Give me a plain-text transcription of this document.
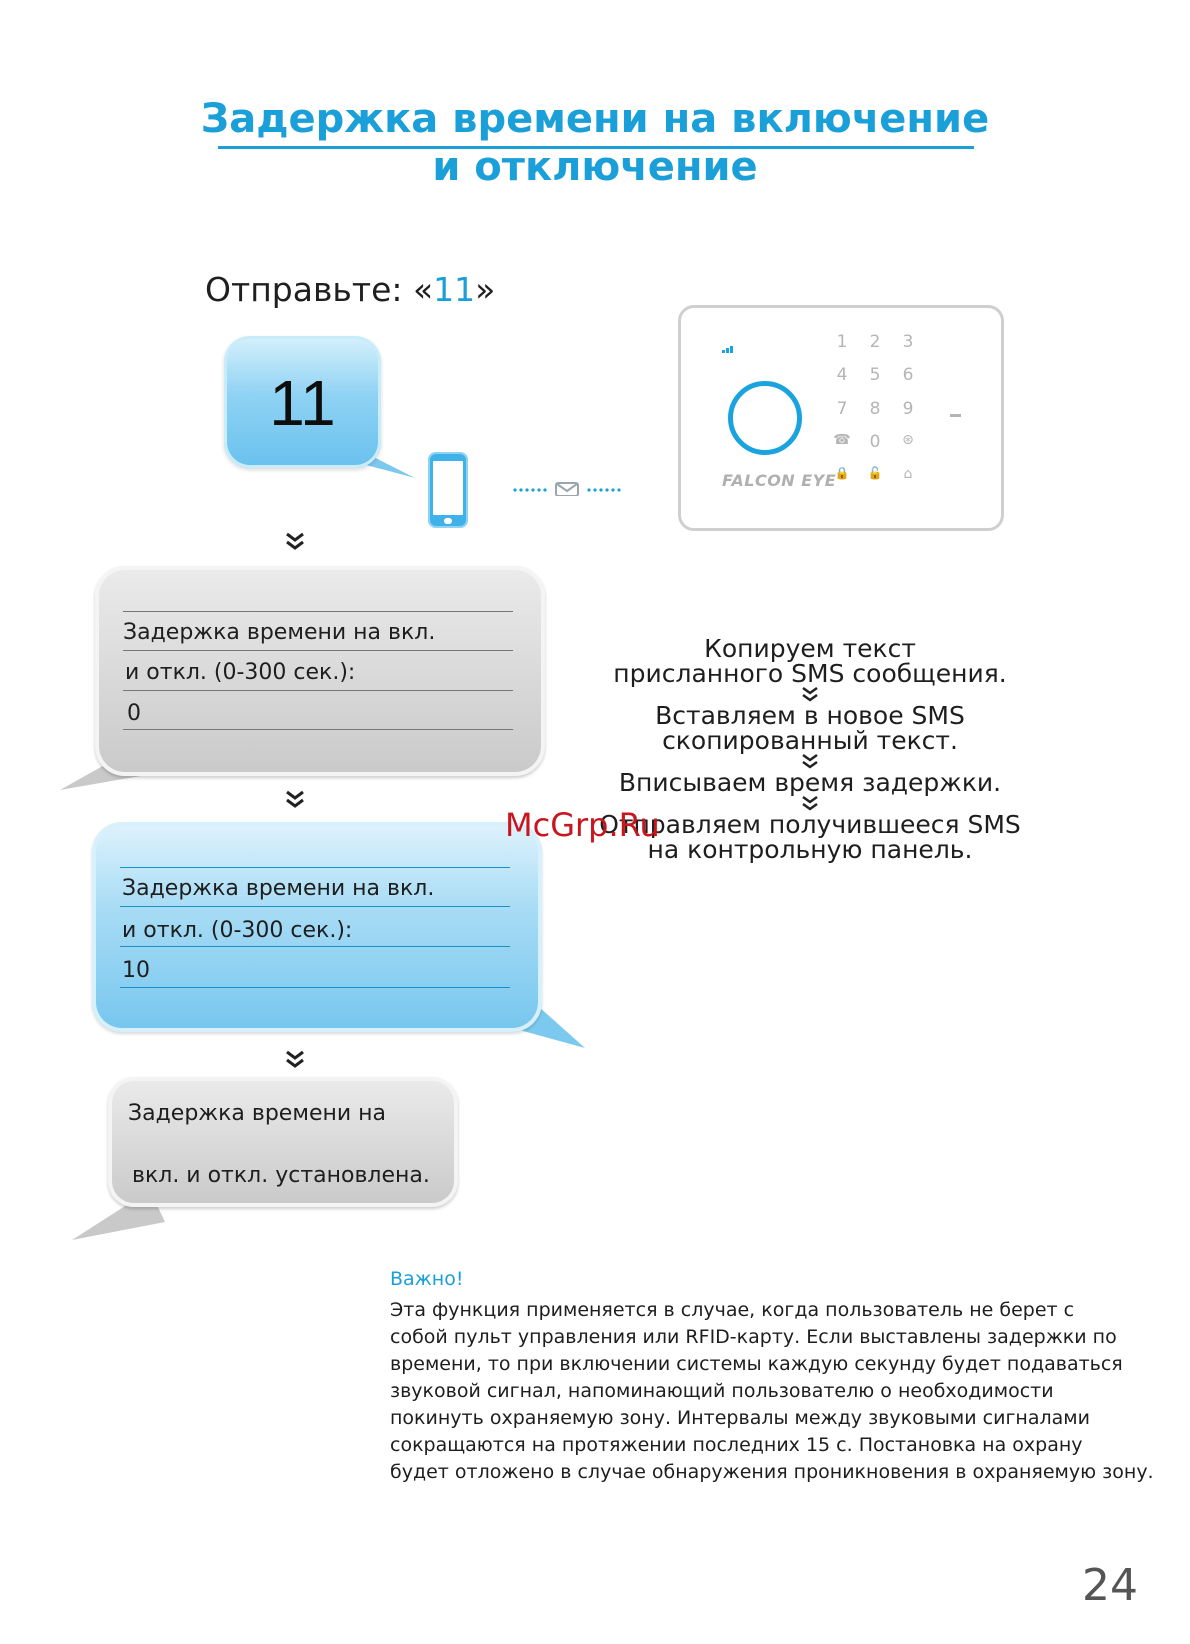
Задержка времени на включение
и отключение
Отправьте: «11»
11
FALCON EYE
1 2 3
4 5 6
7 8 9
☎ 0	⊛
🔒 🔓	⌂
Задержка времени на вкл.
и откл. (0-300 сек.):
0
Задержка времени на вкл.
и откл. (0-300 сек.):
10
Задержка времени на
вкл. и откл. установлена.
Копируем текст
присланного SMS сообщения.
Вставляем в новое SMS
скопированный текст.
Вписываем время задержки.
Отправляем получившееся SMS
на контрольную панель.
McGrp.Ru
Важно!
Эта функция применяется в случае, когда пользователь не берет с
собой пульт управления или RFID-карту. Если выставлены задержки по
времени, то при включении системы каждую секунду будет подаваться
звуковой сигнал, напоминающий пользователю о необходимости
покинуть охраняемую зону. Интервалы между звуковыми сигналами
сокращаются на протяжении последних 15 с. Постановка на охрану
будет отложено в случае обнаружения проникновения в охраняемую зону.
24
